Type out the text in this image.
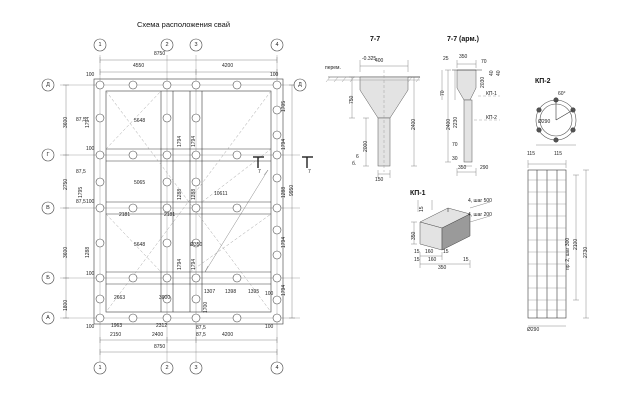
Схема расположения свай
7-7	7-7 (арм.)
КП-1
КП-2
1	2	3	4
1	2	3	4
Д
Г
В
Б
А
Д
8750
4550	4200
2150	2400	4200
8750
87,5
3600
2750
3600
1800
1795
1794
1288
9950
1705
1794
1288
1794
1794
5648
5065
2181	2181
5648
2663	3000
1963	2312
1307 1398 1395
10611
Ø350
100	100
100	100
100
100
100
100
87,5
87,5
87,5
87,5
1794 1794
1288 1288
1794 1794
1700
7	7
перем.
-0.325
750
2000
2400
400
150
б.
6
25 350
70
2400 2230
2030
КП-1
КП-2
350	290
30
70
70
40 40
60°
Ø290
4, шаг 500
4, шаг 200
350
160
350
15	15
15	15
160
15
2100
2730
115	115
Ø290
пр. 2, шаг 300
